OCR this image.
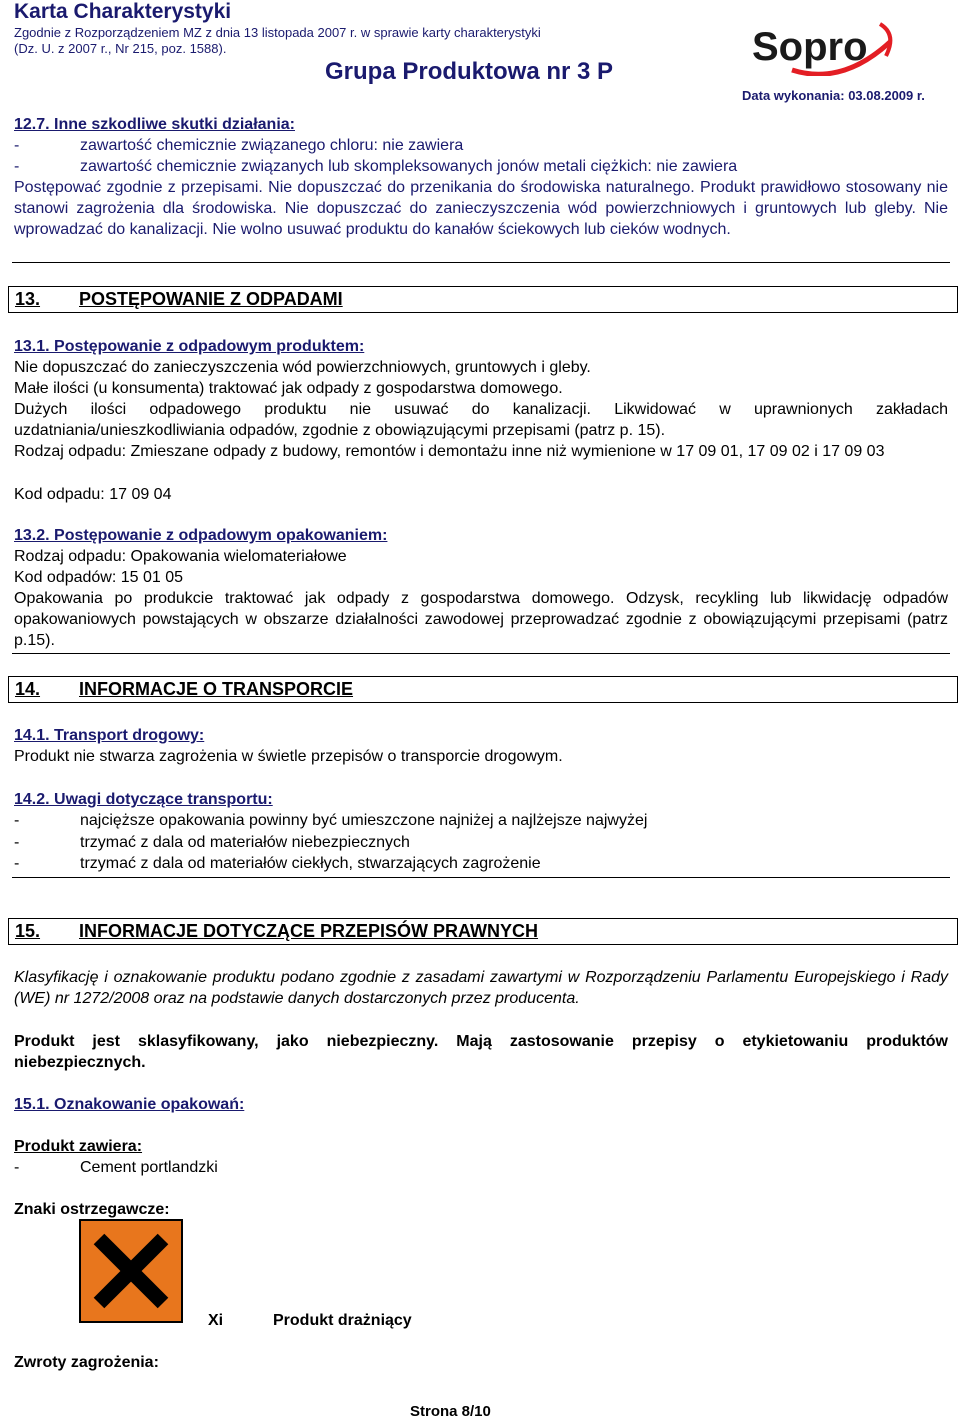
Karta Charakterystyki
Zgodnie z Rozporządzeniem MZ z dnia 13 listopada 2007 r. w sprawie karty charakterystyki
(Dz. U. z 2007 r., Nr 215, poz. 1588).
Grupa Produktowa nr 3 P
Data wykonania: 03.08.2009 r.
Sopro
12.7. Inne szkodliwe skutki działania:
-	zawartość chemicznie związanego chloru: nie zawiera
-	zawartość chemicznie związanych lub skompleksowanych jonów metali ciężkich: nie zawiera
Postępować zgodnie z przepisami. Nie dopuszczać do przenikania do środowiska naturalnego. Produkt prawidłowo stosowany nie stanowi zagrożenia dla środowiska. Nie dopuszczać do zanieczyszczenia wód powierzchniowych i gruntowych lub gleby. Nie wprowadzać do kanalizacji. Nie wolno usuwać produktu do kanałów ściekowych lub cieków wodnych.
13. POSTĘPOWANIE Z ODPADAMI
13.1. Postępowanie z odpadowym produktem:
Nie dopuszczać do zanieczyszczenia wód powierzchniowych, gruntowych i gleby.
Małe ilości (u konsumenta) traktować jak odpady z gospodarstwa domowego.
Dużych ilości odpadowego produktu nie usuwać do kanalizacji. Likwidować w uprawnionych zakładach uzdatniania/unieszkodliwiania odpadów, zgodnie z obowiązującymi przepisami (patrz p. 15).
Rodzaj odpadu: Zmieszane odpady z budowy, remontów i demontażu inne niż wymienione w 17 09 01, 17 09 02 i 17 09 03
Kod odpadu: 17 09 04
13.2. Postępowanie z odpadowym opakowaniem:
Rodzaj odpadu: Opakowania wielomateriałowe
Kod odpadów: 15 01 05
Opakowania po produkcie traktować jak odpady z gospodarstwa domowego. Odzysk, recykling lub likwidację odpadów opakowaniowych powstających w obszarze działalności zawodowej przeprowadzać zgodnie z obowiązującymi przepisami (patrz p.15).
14. INFORMACJE O TRANSPORCIE
14.1. Transport drogowy:
Produkt nie stwarza zagrożenia w świetle przepisów o transporcie drogowym.
14.2. Uwagi dotyczące transportu:
-	najcięższe opakowania powinny być umieszczone najniżej a najlżejsze najwyżej
-	trzymać z dala od materiałów niebezpiecznych
-	trzymać z dala od materiałów ciekłych, stwarzających zagrożenie
15. INFORMACJE DOTYCZĄCE PRZEPISÓW PRAWNYCH
Klasyfikację i oznakowanie produktu podano zgodnie z zasadami zawartymi w Rozporządzeniu Parlamentu Europejskiego i Rady (WE) nr 1272/2008 oraz na podstawie danych dostarczonych przez producenta.
Produkt jest sklasyfikowany, jako niebezpieczny. Mają zastosowanie przepisy o etykietowaniu produktów niebezpiecznych.
15.1. Oznakowanie opakowań:
Produkt zawiera:
-	Cement portlandzki
Znaki ostrzegawcze:
Xi	Produkt drażniący
Zwroty zagrożenia:
Strona 8/10
